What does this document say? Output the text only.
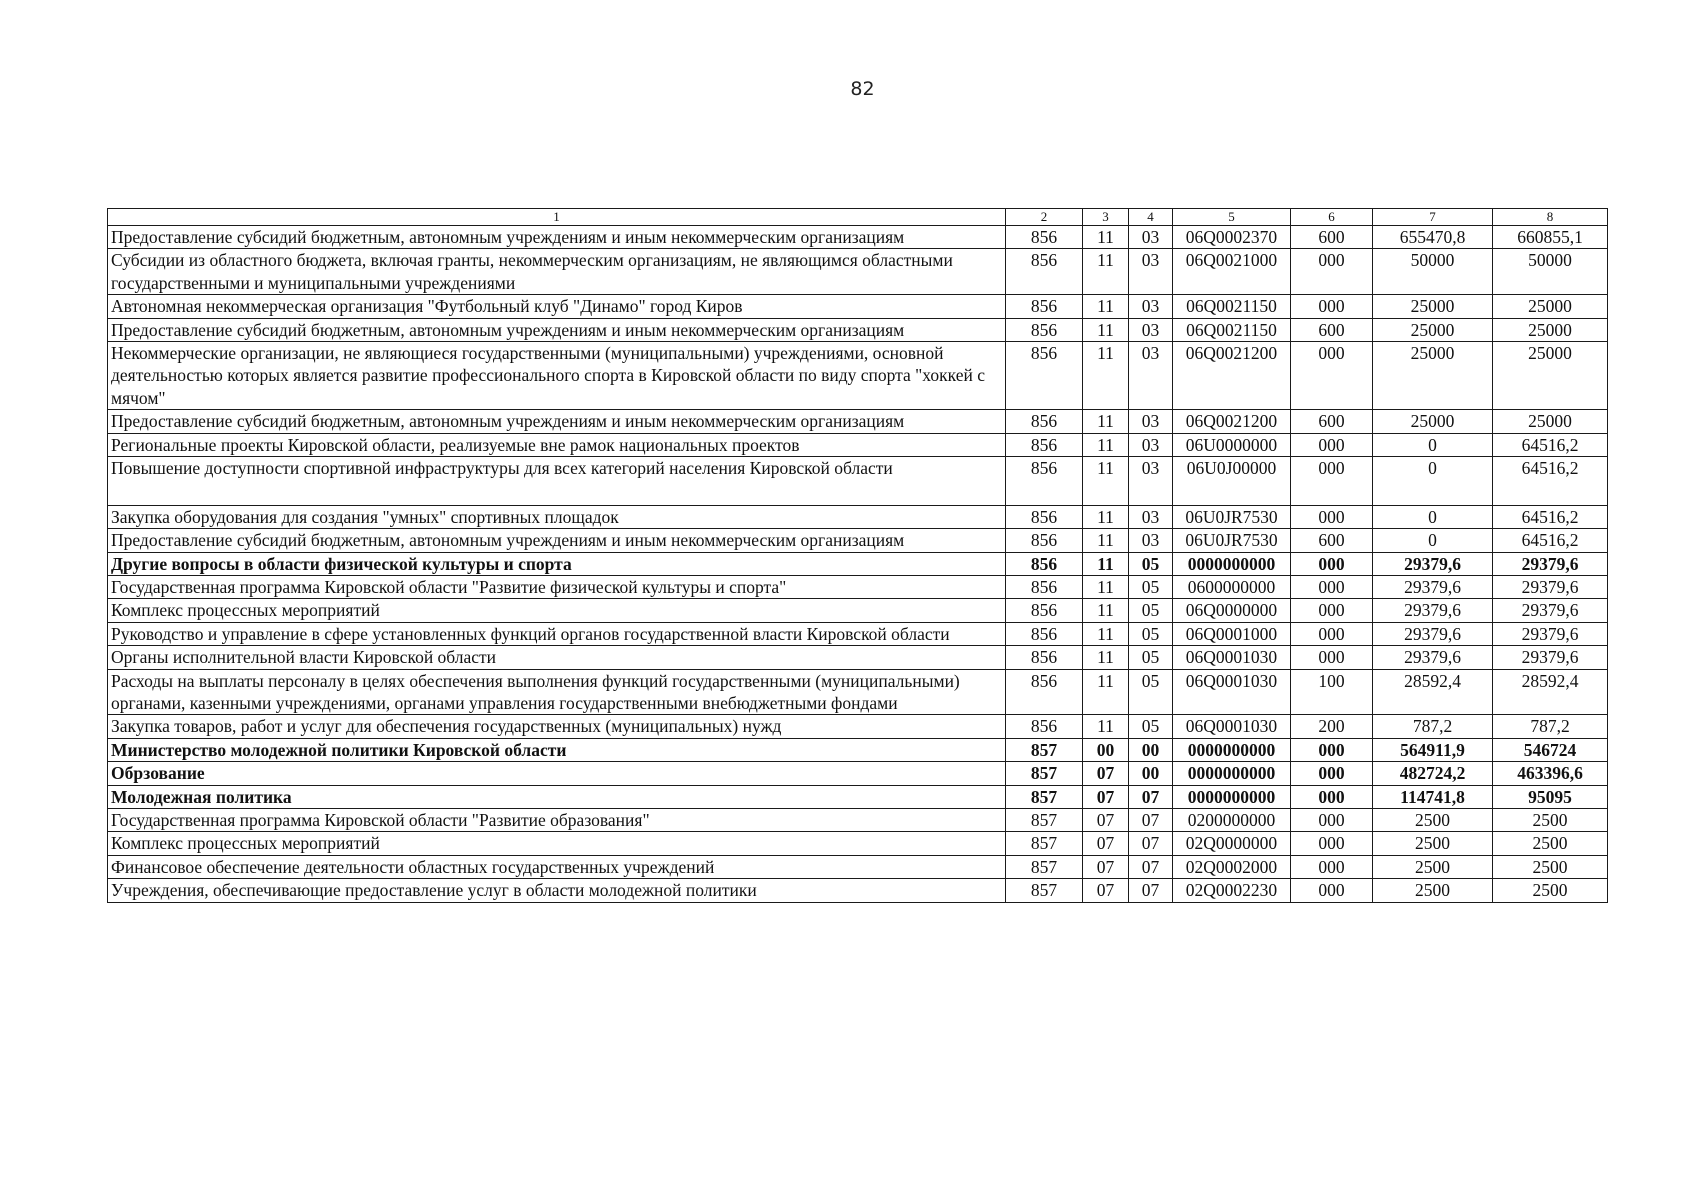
82
1	2	3	4	5	6	7	8
Предоставление субсидий бюджетным, автономным учреждениям и иным некоммерческим организациям	856	11	03	06Q0002370	600	655470,8	660855,1
Субсидии из областного бюджета, включая гранты, некоммерческим организациям, не являющимся областными государственными и муниципальными учреждениями	856	11	03	06Q0021000	000	50000	50000
Автономная некоммерческая организация "Футбольный клуб "Динамо" город Киров	856	11	03	06Q0021150	000	25000	25000
Предоставление субсидий бюджетным, автономным учреждениям и иным некоммерческим организациям	856	11	03	06Q0021150	600	25000	25000
Некоммерческие организации, не являющиеся государственными (муниципальными) учреждениями, основной деятельностью которых является развитие профессионального спорта в Кировской области по виду спорта "хоккей с мячом"	856	11	03	06Q0021200	000	25000	25000
Предоставление субсидий бюджетным, автономным учреждениям и иным некоммерческим организациям	856	11	03	06Q0021200	600	25000	25000
Региональные проекты Кировской области, реализуемые вне рамок национальных проектов	856	11	03	06U0000000	000	0	64516,2
Повышение доступности спортивной инфраструктуры для всех категорий населения Кировской области	856	11	03	06U0J00000	000	0	64516,2
Закупка оборудования для создания "умных" спортивных площадок	856	11	03	06U0JR7530	000	0	64516,2
Предоставление субсидий бюджетным, автономным учреждениям и иным некоммерческим организациям	856	11	03	06U0JR7530	600	0	64516,2
Другие вопросы в области физической культуры и спорта	856	11	05	0000000000	000	29379,6	29379,6
Государственная программа Кировской области "Развитие физической культуры и спорта"	856	11	05	0600000000	000	29379,6	29379,6
Комплекс процессных мероприятий	856	11	05	06Q0000000	000	29379,6	29379,6
Руководство и управление в сфере установленных функций органов государственной власти Кировской области	856	11	05	06Q0001000	000	29379,6	29379,6
Органы исполнительной власти Кировской области	856	11	05	06Q0001030	000	29379,6	29379,6
Расходы на выплаты персоналу в целях обеспечения выполнения функций государственными (муниципальными) органами, казенными учреждениями, органами управления государственными внебюджетными фондами	856	11	05	06Q0001030	100	28592,4	28592,4
Закупка товаров, работ и услуг для обеспечения государственных (муниципальных) нужд	856	11	05	06Q0001030	200	787,2	787,2
Министерство молодежной политики Кировской области	857	00	00	0000000000	000	564911,9	546724
Обрзование	857	07	00	0000000000	000	482724,2	463396,6
Молодежная политика	857	07	07	0000000000	000	114741,8	95095
Государственная программа Кировской области "Развитие образования"	857	07	07	0200000000	000	2500	2500
Комплекс процессных мероприятий	857	07	07	02Q0000000	000	2500	2500
Финансовое обеспечение деятельности областных государственных учреждений	857	07	07	02Q0002000	000	2500	2500
Учреждения, обеспечивающие предоставление услуг в области молодежной политики	857	07	07	02Q0002230	000	2500	2500
